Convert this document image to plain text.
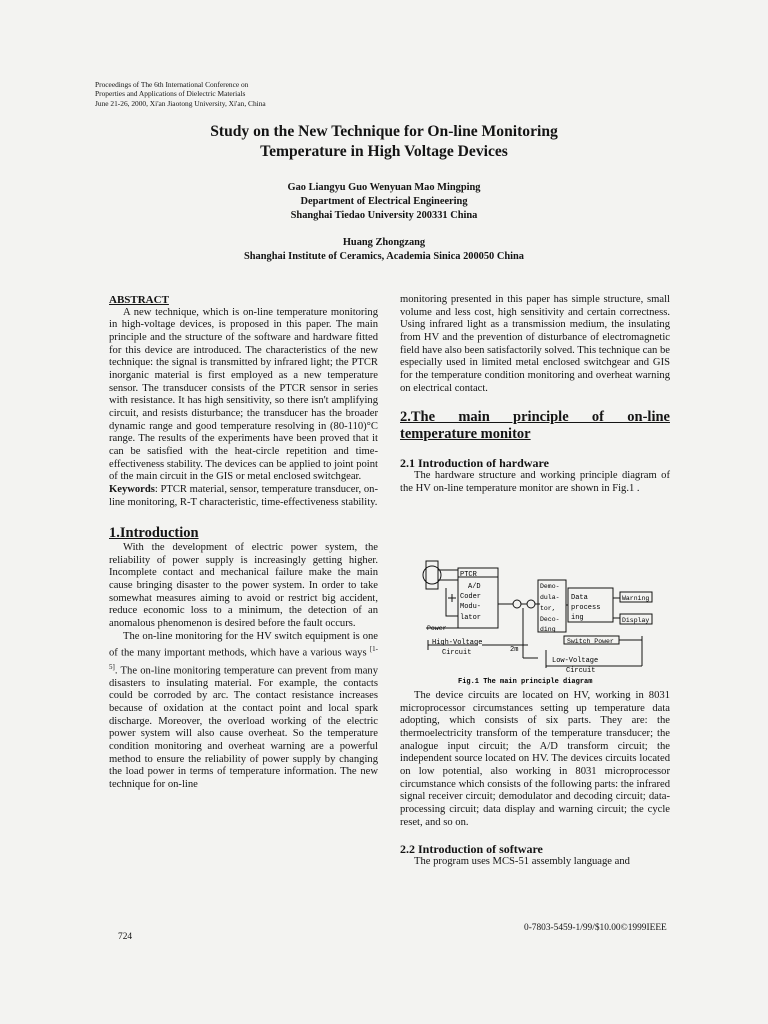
Proceedings of The 6th International Conference on
Properties and Applications of Dielectric Materials
June 21-26, 2000, Xi'an Jiaotong University, Xi'an, China
Study on the New Technique for On-line Monitoring
Temperature in High Voltage Devices
Gao Liangyu Guo Wenyuan Mao Mingping
Department of Electrical Engineering
Shanghai Tiedao University 200331 China
Huang Zhongzang
Shanghai Institute of Ceramics, Academia Sinica 200050 China
ABSTRACT

A new technique, which is on-line temperature monitoring in high-voltage devices, is proposed in this paper. The main principle and the structure of the software and hardware fitted for this device are introduced. The characteristics of the new technique: the signal is transmitted by infrared light; the PTCR inorganic material is first employed as a new temperature sensor. The transducer consists of the PTCR sensor in series with resistance. It has high sensitivity, so there isn't amplifying circuit, and resists disturbance; the transducer has the broader dynamic range and good temperature resolving in (80-110)°C range. The results of the experiments have been proved that it can be satisfied with the heat-circle repetition and time-effectiveness stability. The devices can be applied to joint point of the main circuit in the GIS or metal enclosed switchgear.

Keywords: PTCR material, sensor, temperature transducer, on-line monitoring, R-T characteristic, time-effectiveness stability.

1.Introduction

With the development of electric power system, the reliability of power supply is increasingly getting higher. Incomplete contact and mechanical failure make the main cause bringing disaster to the power system. In order to take somewhat measures aiming to avoid or restrict big accident, reduce economic loss to a minimum, the detection of an anomalous phenomenon is desired before the fault occurs.

The on-line monitoring for the HV switch equipment is one of the many important methods, which have a various ways [1-5]. The on-line monitoring temperature can prevent from many disasters to insulating material. For example, the contacts could be corroded by arc. The contact resistance increases because of oxidation at the contact point and local spark discharge. Moreover, the overload working of the electric power system will also cause overheat. So the temperature condition monitoring and overheat warning are a powerful method to ensure the reliability of power supply by changing the load power in terms of temperature information. The new technique for on-line

monitoring presented in this paper has simple structure, small volume and less cost, high sensitivity and certain correctness. Using infrared light as a transmission medium, the insulating from HV and the prevention of disturbance of electromagnetic field have also been satisfactorily solved. This technique can be especially used in limited metal enclosed switchgear and GIS for the temperature condition monitoring and overheat warning on electrical contact.

2.The main principle of on-line temperature monitor
2.1 Introduction of hardware

The hardware structure and working principle diagram of the HV on-line temperature monitor are shown in Fig.1 .

PTCR
A/D
Coder
Modu-
lator
Power
Demo-
dula-
tor,
Deco-
ding
Data
process
ing
Warning
Display
Switch Power
High-Voltage
Circuit	2m
Low-Voltage
Circuit
Fig.1 The main principle diagram

The device circuits are located on HV, working in 8031 microprocessor circumstances setting up temperature data adopting, which consists of six parts. They are: the thermoelectricity transform of the temperature transducer; the analogue input circuit; the A/D transform circuit; the independent source located on HV. The devices circuits located on low potential, also working in 8031 microprocessor circumstance which consists of the following parts: the infrared signal receiver circuit; demodulator and decoding circuit; data-processing circuit; data display and warning circuit; the cycle reset, and so on.

2.2 Introduction of software

The program uses MCS-51 assembly language and

724
0-7803-5459-1/99/$10.00©1999IEEE
